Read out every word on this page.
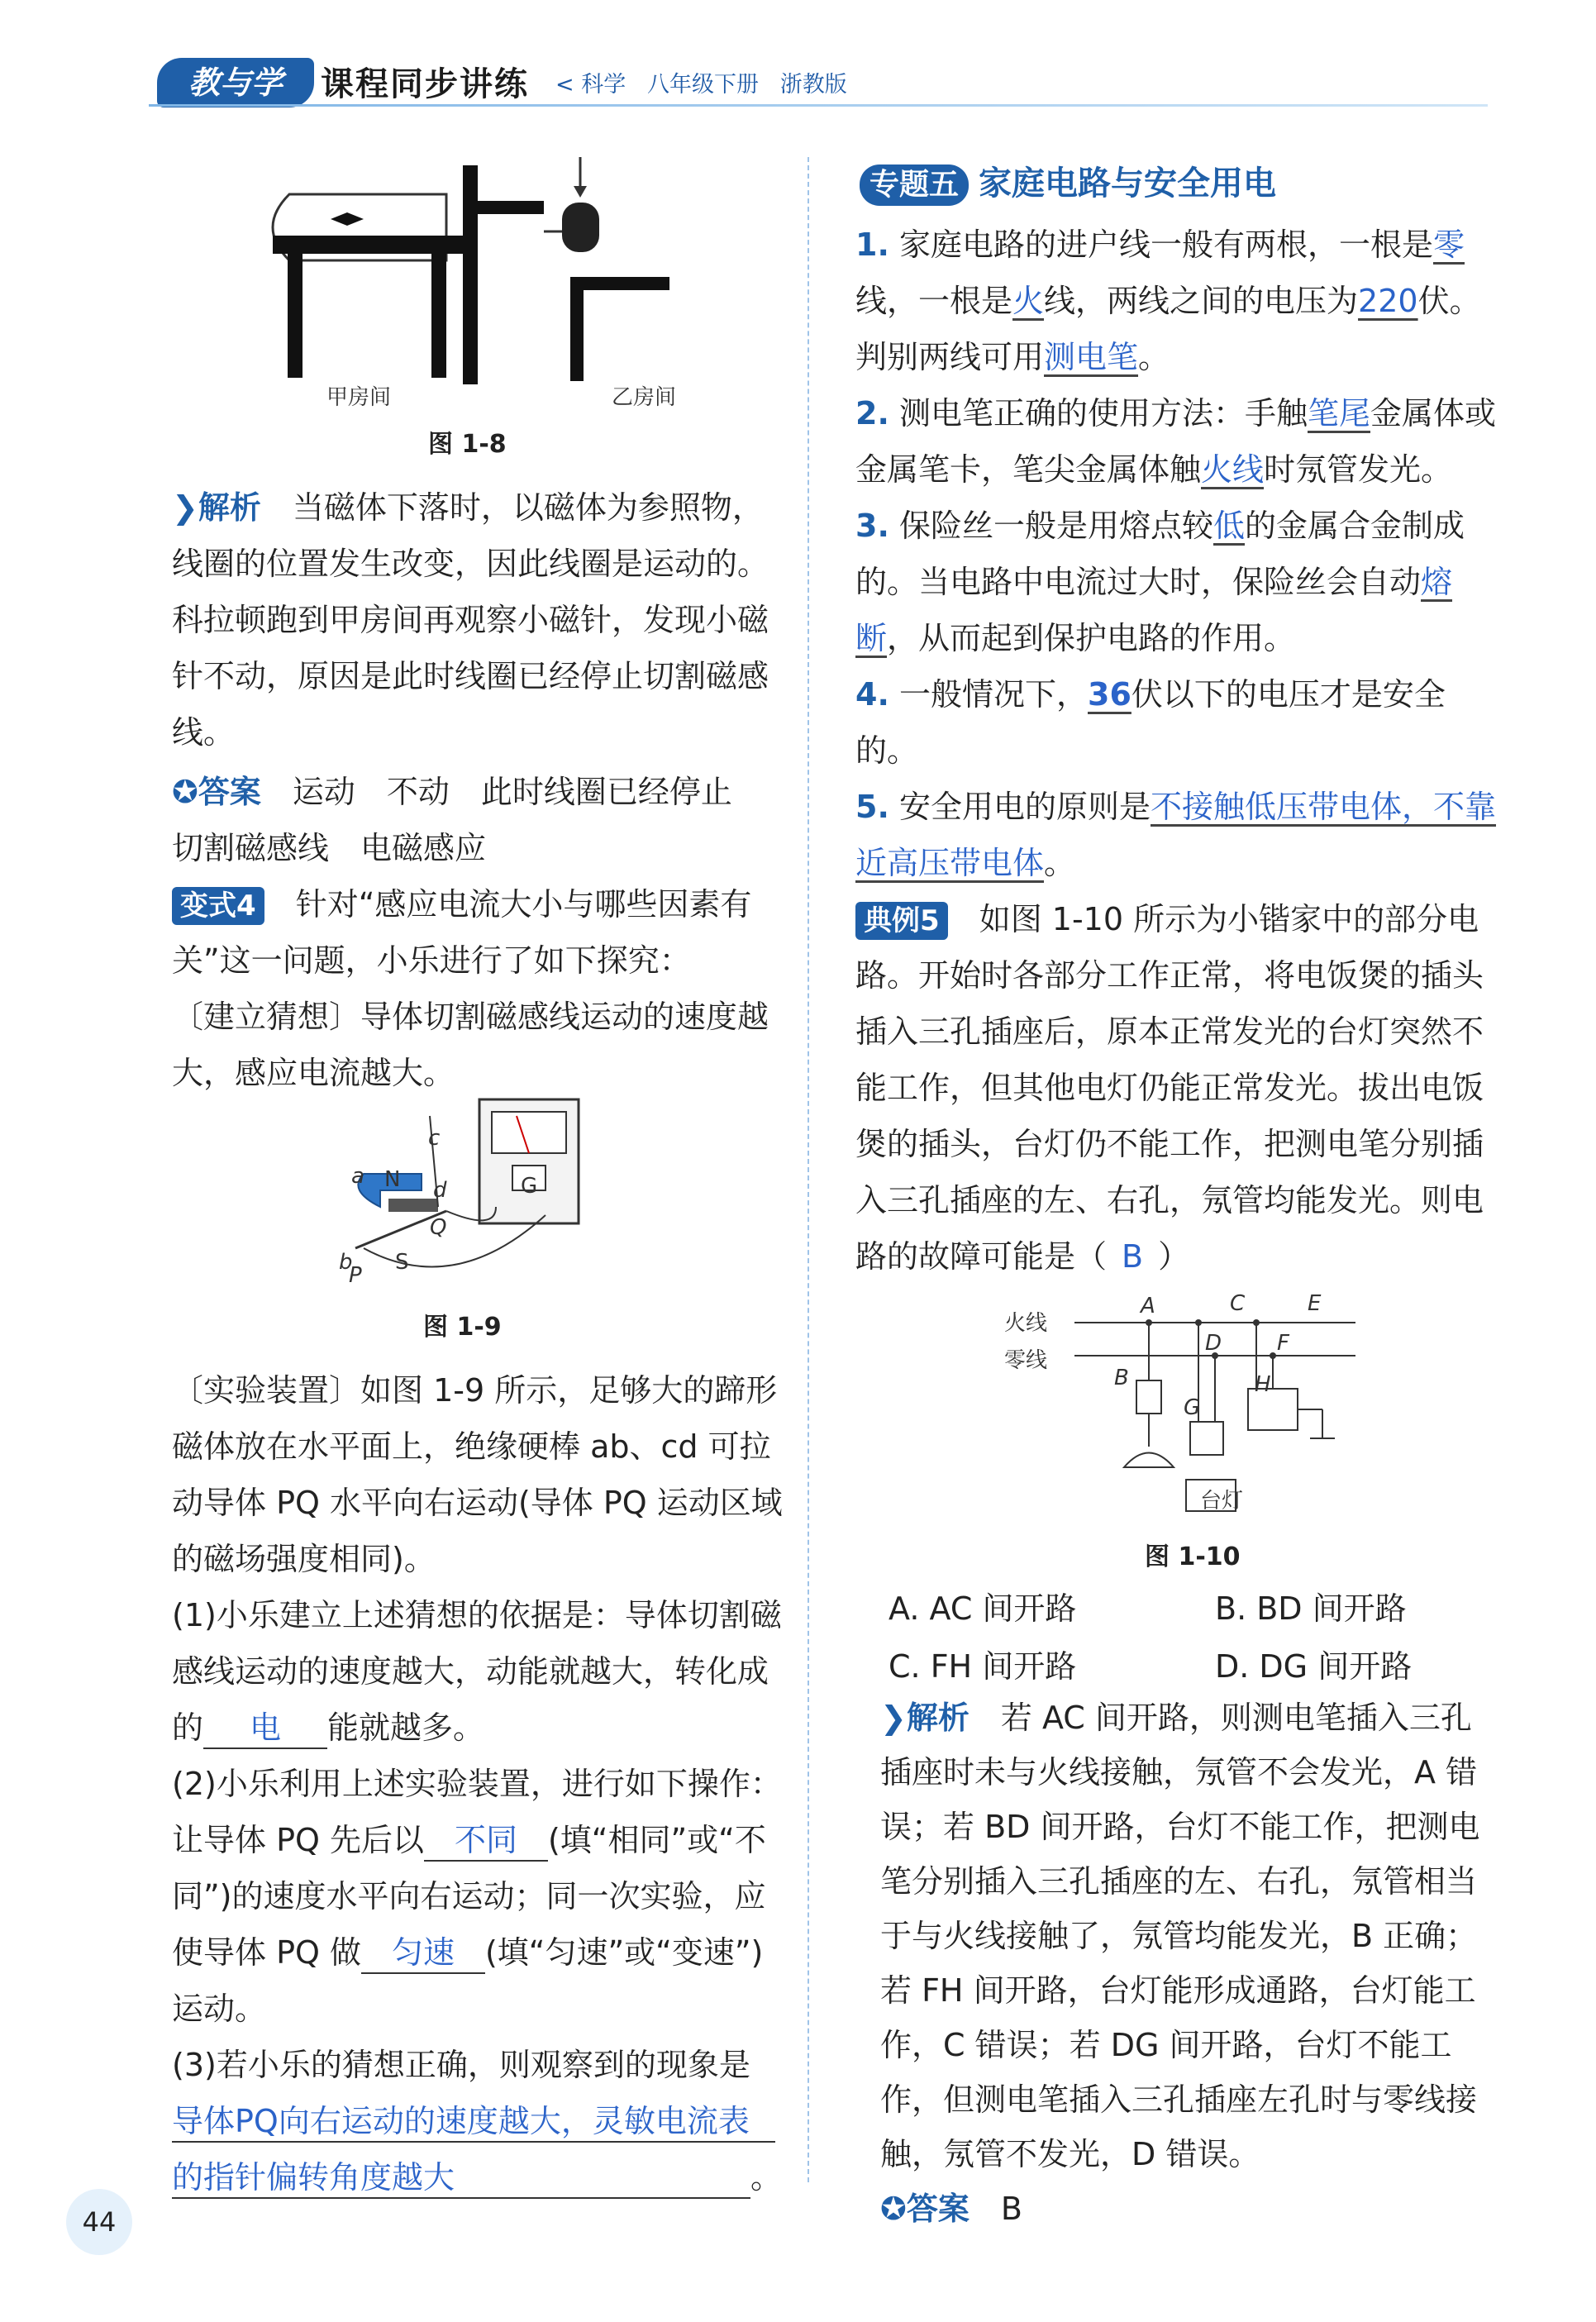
教与学	课程同步讲练 < 科学   八年级下册   浙教版
甲房间	乙房间
图 1-8

❯解析　 当磁体下落时，以磁体为参照物，线圈的位置发生改变，因此线圈是运动的。科拉顿跑到甲房间再观察小磁针，发现小磁针不动，原因是此时线圈已经停止切割磁感线。

✪答案　 运动　不动　此时线圈已经停止

切割磁感线　电磁感应

变式4　 针对“感应电流大小与哪些因素有关”这一问题，小乐进行了如下探究：

〔建立猜想〕导体切割磁感线运动的速度越大，感应电流越大。

a N
c
d
Q
S
b
P
G
图 1-9

〔实验装置〕如图 1-9 所示，足够大的蹄形磁体放在水平面上，绝缘硬棒 ab、cd 可拉动导体 PQ 水平向右运动(导体 PQ 运动区域的磁场强度相同)。

(1)小乐建立上述猜想的依据是：导体切割磁感线运动的速度越大，动能就越大，转化成的 电 能就越多。

(2)小乐利用上述实验装置，进行如下操作：让导体 PQ 先后以 不同 (填“相同”或“不同”)的速度水平向右运动；同一次实验，应使导体 PQ 做 匀速 (填“匀速”或“变速”)运动。

(3)若小乐的猜想正确，则观察到的现象是

导体PQ向右运动的速度越大，灵敏电流表

的指针偏转角度越大	。

44
专题五 家庭电路与安全用电

1. 家庭电路的进户线一般有两根，一根是零线，一根是火线，两线之间的电压为220伏。判别两线可用测电笔。

2. 测电笔正确的使用方法：手触笔尾金属体或金属笔卡，笔尖金属体触火线时氖管发光。

3. 保险丝一般是用熔点较低的金属合金制成的。当电路中电流过大时，保险丝会自动熔断，从而起到保护电路的作用。

4. 一般情况下，36伏以下的电压才是安全的。

5. 安全用电的原则是不接触低压带电体，不靠近高压带电体。

典例5　 如图 1-10 所示为小锴家中的部分电路。开始时各部分工作正常，将电饭煲的插头插入三孔插座后，原本正常发光的台灯突然不能工作，但其他电灯仍能正常发光。拔出电饭煲的插头，台灯仍不能工作，把测电笔分别插入三孔插座的左、右孔，氖管均能发光。则电路的故障可能是（ B ）

火线
零线
A	C	E
D	F
B
G
H
台灯
图 1-10
A. AC 间开路	B. BD 间开路
C. FH 间开路	D. DG 间开路

❯解析　 若 AC 间开路，则测电笔插入三孔插座时未与火线接触，氖管不会发光，A 错误；若 BD 间开路，台灯不能工作，把测电笔分别插入三孔插座的左、右孔，氖管相当于与火线接触了，氖管均能发光，B 正确；若 FH 间开路，台灯能形成通路，台灯能工作，C 错误；若 DG 间开路，台灯不能工作，但测电笔插入三孔插座左孔时与零线接触，氖管不发光，D 错误。

✪答案　 B
